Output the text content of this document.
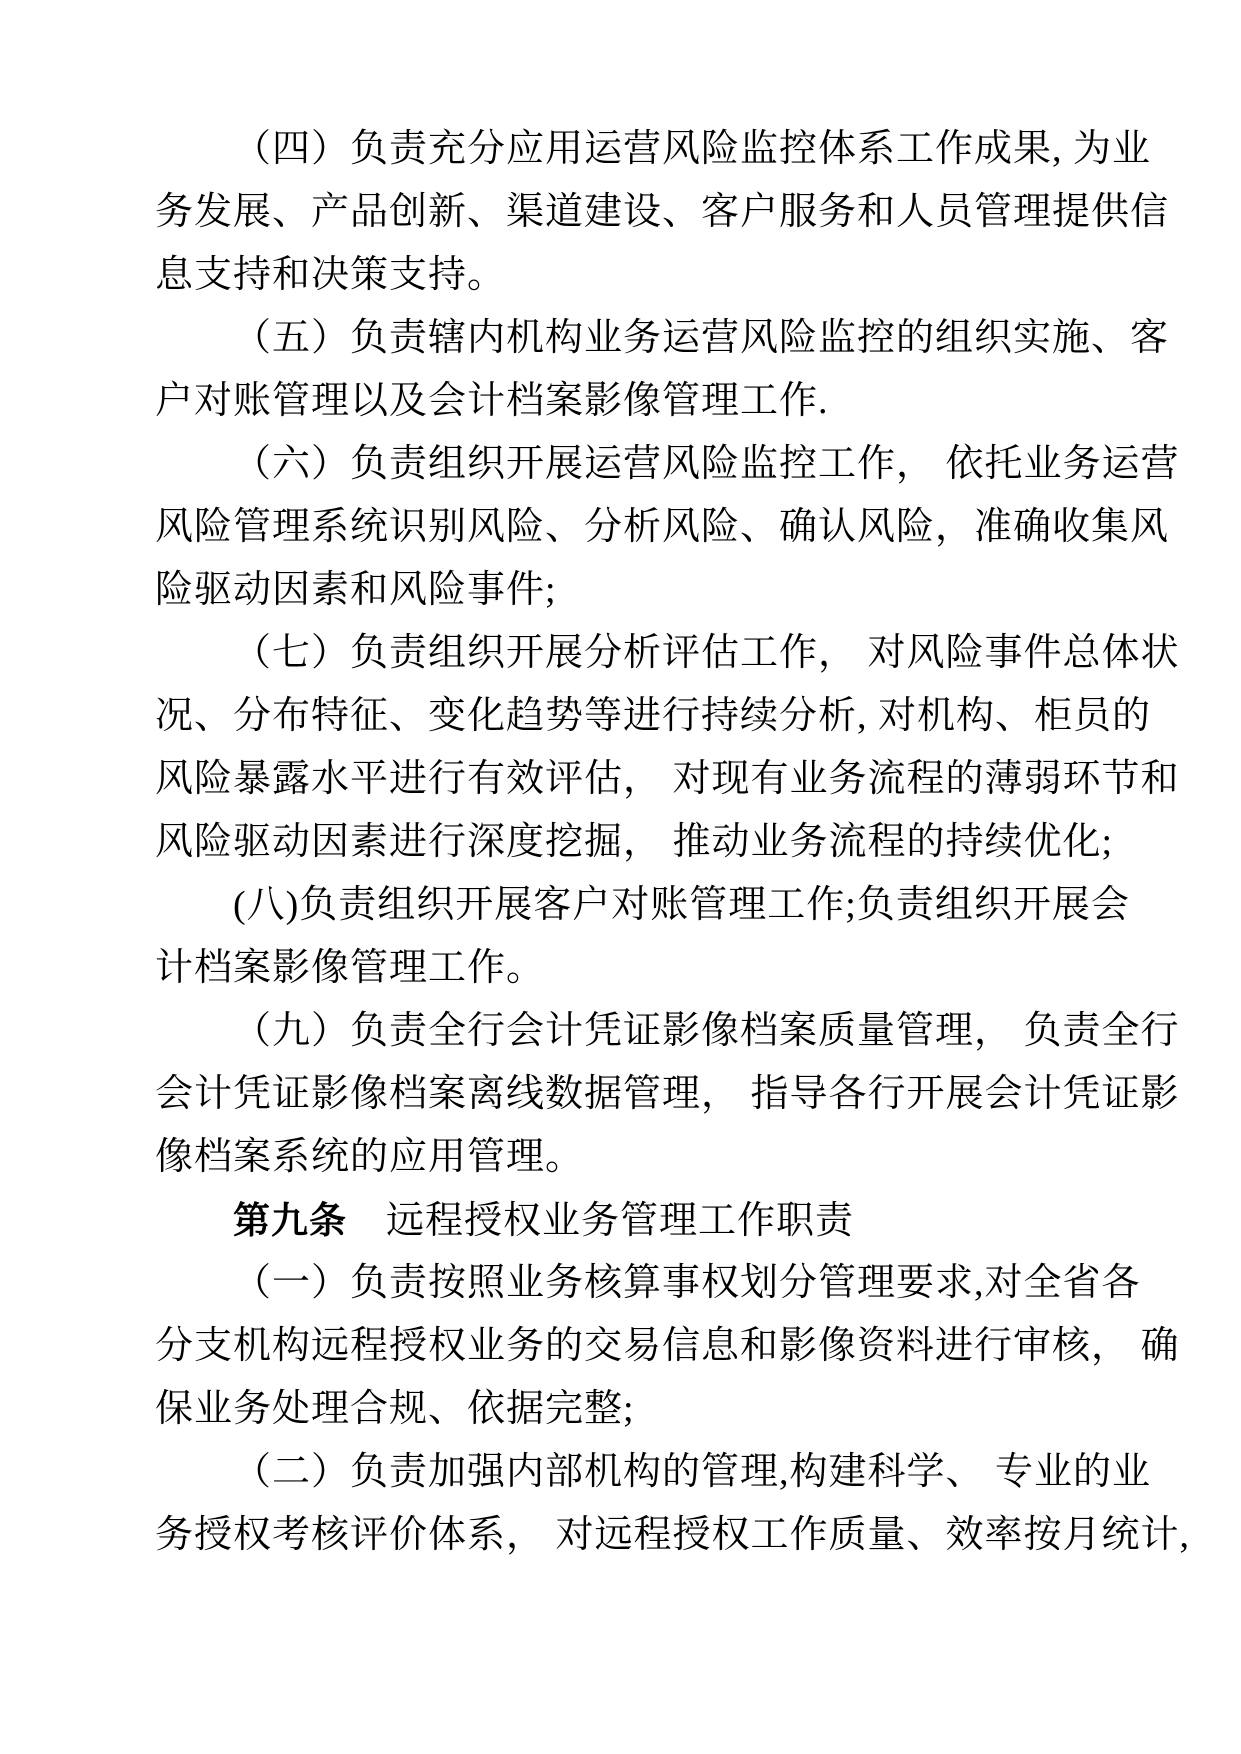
（四）负责充分应用运营风险监控体系工作成果, 为业
务发展、产品创新、渠道建设、客户服务和人员管理提供信
息支持和决策支持。
（五）负责辖内机构业务运营风险监控的组织实施、客
户对账管理以及会计档案影像管理工作.
（六）负责组织开展运营风险监控工作， 依托业务运营
风险管理系统识别风险、分析风险、确认风险，准确收集风
险驱动因素和风险事件;
（七）负责组织开展分析评估工作， 对风险事件总体状
况、分布特征、变化趋势等进行持续分析, 对机构、柜员的
风险暴露水平进行有效评估， 对现有业务流程的薄弱环节和
风险驱动因素进行深度挖掘， 推动业务流程的持续优化;
(八)负责组织开展客户对账管理工作;负责组织开展会
计档案影像管理工作。
（九）负责全行会计凭证影像档案质量管理， 负责全行
会计凭证影像档案离线数据管理， 指导各行开展会计凭证影
像档案系统的应用管理。
第九条　远程授权业务管理工作职责
（一）负责按照业务核算事权划分管理要求,对全省各
分支机构远程授权业务的交易信息和影像资料进行审核， 确
保业务处理合规、依据完整;
（二）负责加强内部机构的管理,构建科学、 专业的业
务授权考核评价体系， 对远程授权工作质量、效率按月统计,
